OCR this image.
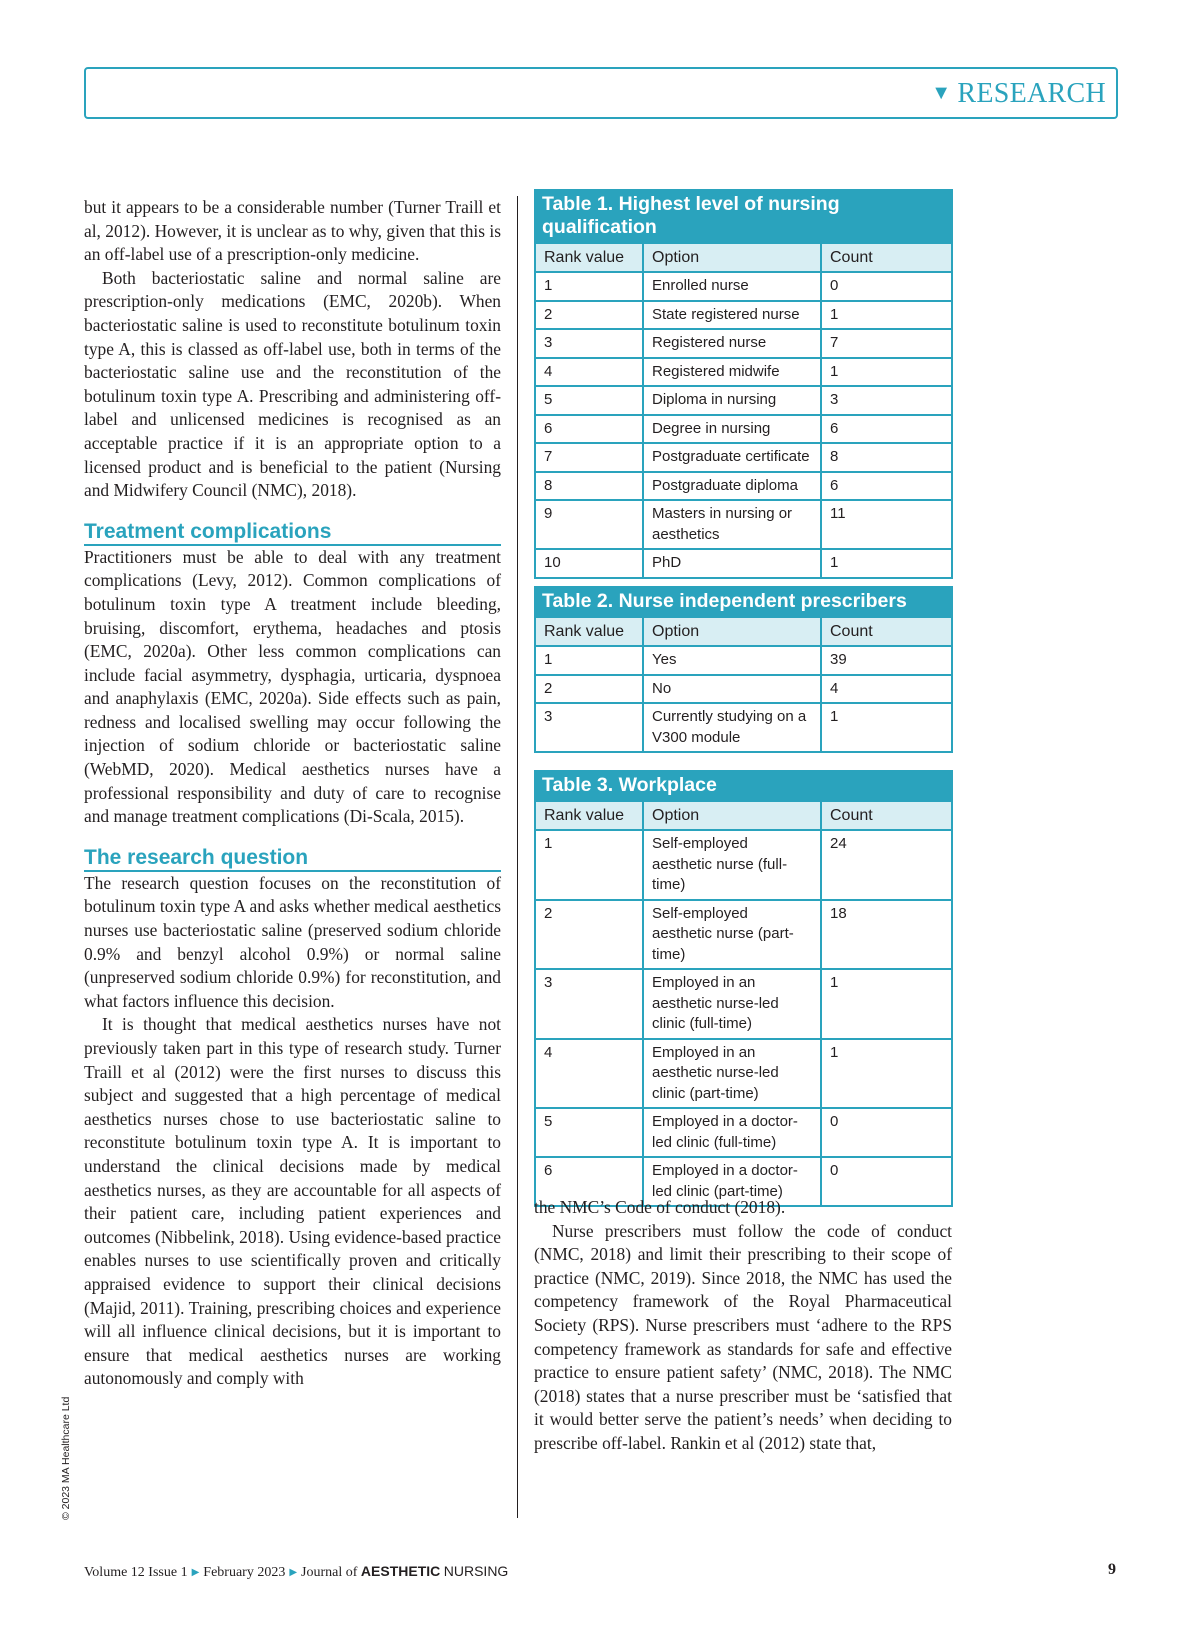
▼ RESEARCH

but it appears to be a considerable number (Turner Traill et al, 2012). However, it is unclear as to why, given that this is an off-label use of a prescription-only medicine.

Both bacteriostatic saline and normal saline are prescription-only medications (EMC, 2020b). When bacteriostatic saline is used to reconstitute botulinum toxin type A, this is classed as off-label use, both in terms of the bacteriostatic saline use and the reconstitution of the botulinum toxin type A. Prescribing and administering off-label and unlicensed medicines is recognised as an acceptable practice if it is an appropriate option to a licensed product and is beneficial to the patient (Nursing and Midwifery Council (NMC), 2018).

Treatment complications

Practitioners must be able to deal with any treatment complications (Levy, 2012). Common complications of botulinum toxin type A treatment include bleeding, bruising, discomfort, erythema, headaches and ptosis (EMC, 2020a). Other less common complications can include facial asymmetry, dysphagia, urticaria, dyspnoea and anaphylaxis (EMC, 2020a). Side effects such as pain, redness and localised swelling may occur following the injection of sodium chloride or bacteriostatic saline (WebMD, 2020). Medical aesthetics nurses have a professional responsibility and duty of care to recognise and manage treatment complications (Di-Scala, 2015).

The research question

The research question focuses on the reconstitution of botulinum toxin type A and asks whether medical aesthetics nurses use bacteriostatic saline (preserved sodium chloride 0.9% and benzyl alcohol 0.9%) or normal saline (unpreserved sodium chloride 0.9%) for reconstitution, and what factors influence this decision.

It is thought that medical aesthetics nurses have not previously taken part in this type of research study. Turner Traill et al (2012) were the first nurses to discuss this subject and suggested that a high percentage of medical aesthetics nurses chose to use bacteriostatic saline to reconstitute botulinum toxin type A. It is important to understand the clinical decisions made by medical aesthetics nurses, as they are accountable for all aspects of their patient care, including patient experiences and outcomes (Nibbelink, 2018). Using evidence-based practice enables nurses to use scientifically proven and critically appraised evidence to support their clinical decisions (Majid, 2011). Training, prescribing choices and experience will all influence clinical decisions, but it is important to ensure that medical aesthetics nurses are working autonomously and comply with

Table 1. Highest level of nursing qualification
Rank value	Option	Count
1	Enrolled nurse	0
2	State registered nurse	1
3	Registered nurse	7
4	Registered midwife	1
5	Diploma in nursing	3
6	Degree in nursing	6
7	Postgraduate certificate	8
8	Postgraduate diploma	6
9	Masters in nursing or aesthetics	11
10	PhD	1
Table 2. Nurse independent prescribers
Rank value	Option	Count
1	Yes	39
2	No	4
3	Currently studying on a V300 module	1
Table 3. Workplace
Rank value	Option	Count
1	Self-employed aesthetic nurse (full-time)	24
2	Self-employed aesthetic nurse (part-time)	18
3	Employed in an aesthetic nurse-led clinic (full-time)	1
4	Employed in an aesthetic nurse-led clinic (part-time)	1
5	Employed in a doctor-led clinic (full-time)	0
6	Employed in a doctor-led clinic (part-time)	0

the NMC’s Code of conduct (2018).

Nurse prescribers must follow the code of conduct (NMC, 2018) and limit their prescribing to their scope of practice (NMC, 2019). Since 2018, the NMC has used the competency framework of the Royal Pharmaceutical Society (RPS). Nurse prescribers must ‘adhere to the RPS competency framework as standards for safe and effective practice to ensure patient safety’ (NMC, 2018). The NMC (2018) states that a nurse prescriber must be ‘satisfied that it would better serve the patient’s needs’ when deciding to prescribe off-label. Rankin et al (2012) state that,

© 2023 MA Healthcare Ltd
Volume 12 Issue 1 ▶ February 2023 ▶ Journal of AESTHETIC NURSING	9
